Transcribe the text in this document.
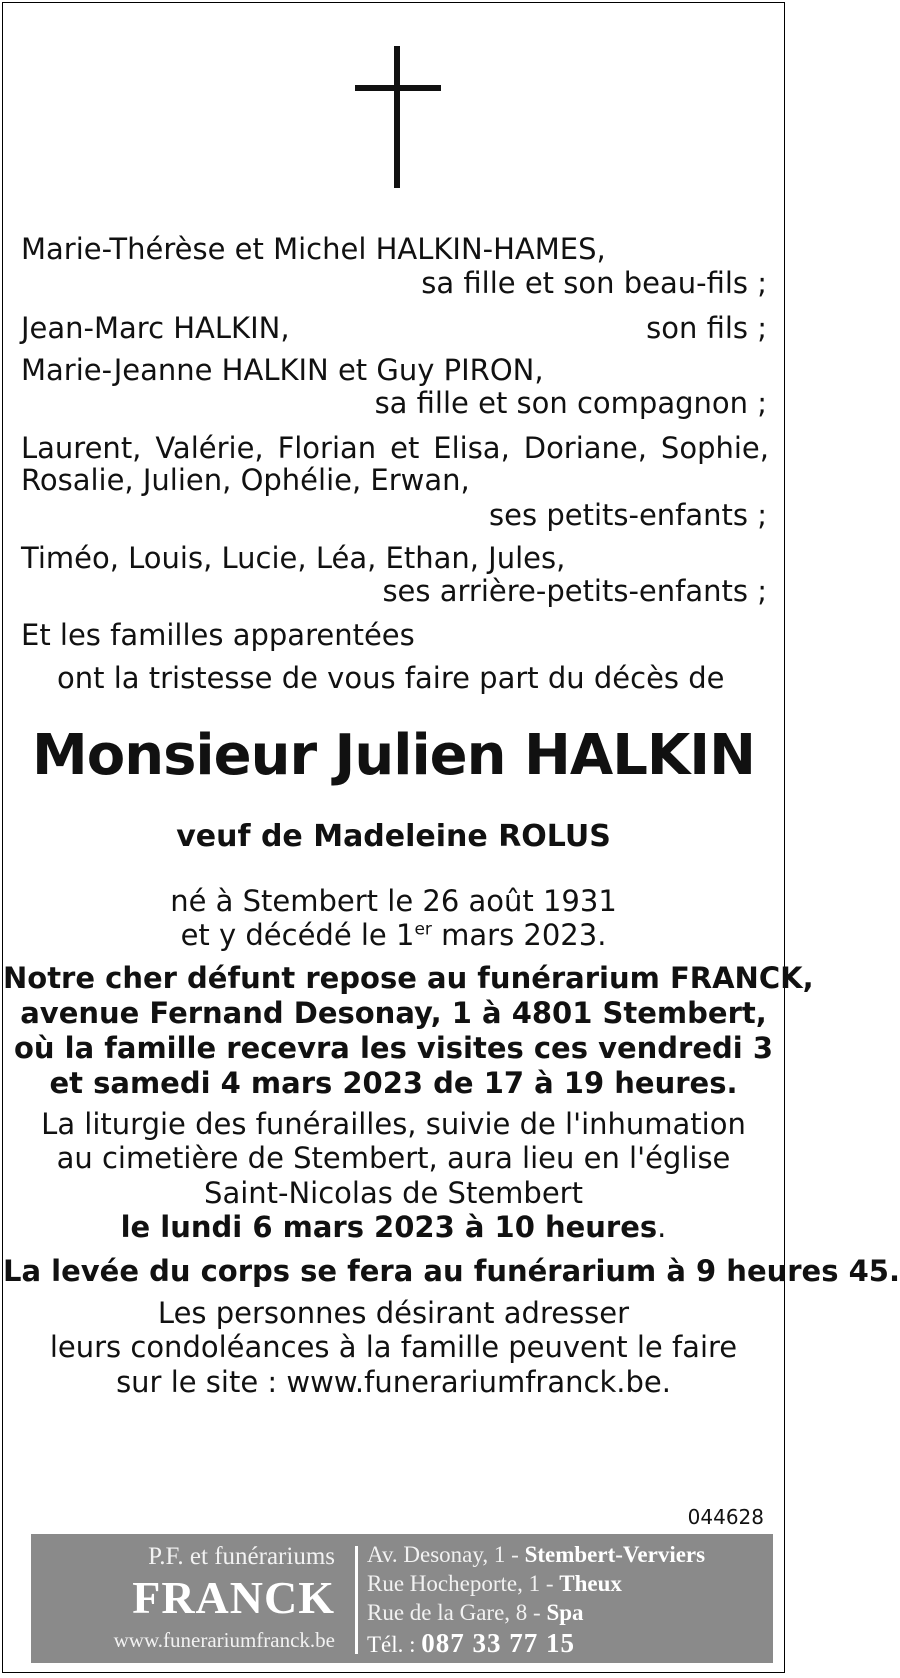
Marie-Thérèse et Michel HALKIN-HAMES,
sa fille et son beau-fils ;
Jean-Marc HALKIN,	son fils ;
Marie-Jeanne HALKIN et Guy PIRON,
sa fille et son compagnon ;
Laurent, Valérie, Florian et Elisa, Doriane, Sophie,
Rosalie, Julien, Ophélie, Erwan,
ses petits-enfants ;
Timéo, Louis, Lucie, Léa, Ethan, Jules,
ses arrière-petits-enfants ;
Et les familles apparentées
ont la tristesse de vous faire part du décès de
Monsieur Julien HALKIN
veuf de Madeleine ROLUS
né à Stembert le 26 août 1931
et y décédé le 1er mars 2023.
Notre cher défunt repose au funérarium FRANCK,
avenue Fernand Desonay, 1 à 4801 Stembert,
où la famille recevra les visites ces vendredi 3
et samedi 4 mars 2023 de 17 à 19 heures.
La liturgie des funérailles, suivie de l'inhumation
au cimetière de Stembert, aura lieu en l'église
Saint-Nicolas de Stembert
le lundi 6 mars 2023 à 10 heures.
La levée du corps se fera au funérarium à 9 heures 45.
Les personnes désirant adresser
leurs condoléances à la famille peuvent le faire
sur le site : www.funerariumfranck.be.
044628
P.F. et funérariums
FRANCK
www.funerariumfranck.be
Av. Desonay, 1 - Stembert-Verviers
Rue Hocheporte, 1 - Theux
Rue de la Gare, 8 - Spa
Tél. : 087 33 77 15
